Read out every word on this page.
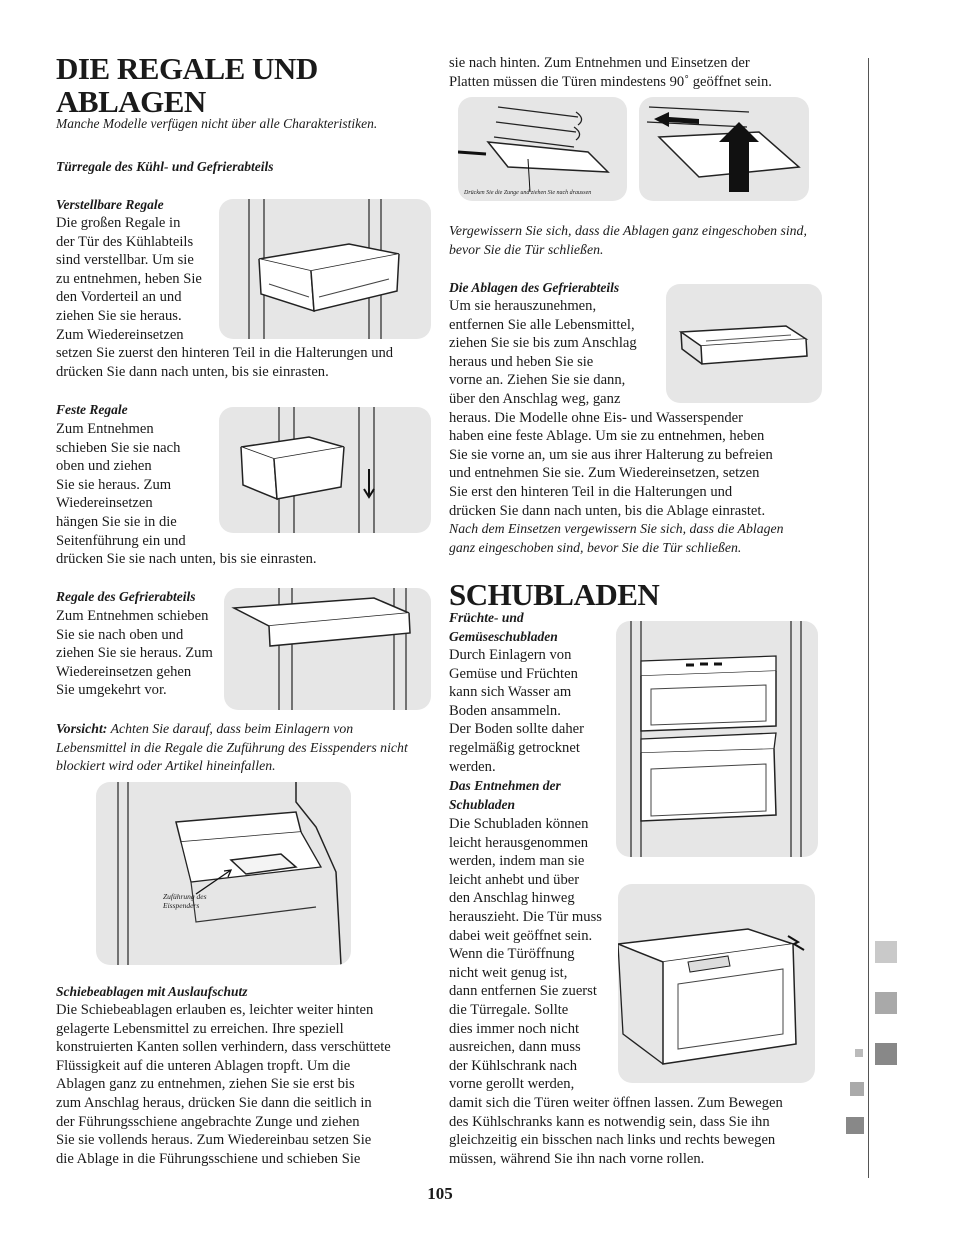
DIE REGALE UND
ABLAGEN
Manche Modelle verfügen nicht über alle Charakteristiken.
Türregale des Kühl- und Gefrierabteils
Verstellbare Regale
Die großen Regale in
der Tür des Kühlabteils
sind verstellbar. Um sie
zu entnehmen, heben Sie
den Vorderteil an und
ziehen Sie sie heraus.
Zum Wiedereinsetzen
setzen Sie zuerst den hinteren Teil in die Halterungen und
drücken Sie dann nach unten, bis sie einrasten.
Feste Regale
Zum Entnehmen
schieben Sie sie nach
oben und ziehen
Sie sie heraus. Zum
Wiedereinsetzen
hängen Sie sie in die
Seitenführung ein und
drücken Sie sie nach unten, bis sie einrasten.
Regale des Gefrierabteils
Zum Entnehmen schieben
Sie sie nach oben und
ziehen Sie sie heraus. Zum
Wiedereinsetzen gehen
Sie umgekehrt vor.
Vorsicht: Achten Sie darauf, dass beim Einlagern von
Lebensmittel in die Regale die Zuführung des Eisspenders nicht
blockiert wird oder Artikel hineinfallen.
Zuführung des
Eisspenders
Schiebeablagen mit Auslaufschutz
Die Schiebeablagen erlauben es, leichter weiter hinten
gelagerte Lebensmittel zu erreichen. Ihre speziell
konstruierten Kanten sollen verhindern, dass verschüttete
Flüssigkeit auf die unteren Ablagen tropft. Um die
Ablagen ganz zu entnehmen, ziehen Sie sie erst bis
zum Anschlag heraus, drücken Sie dann die seitlich in
der Führungsschiene angebrachte Zunge und ziehen
Sie sie vollends heraus. Zum Wiedereinbau setzen Sie
die Ablage in die Führungsschiene und schieben Sie
sie nach hinten. Zum Entnehmen und Einsetzen der
Platten müssen die Türen mindestens 90˚ geöffnet sein.
Drücken Sie die Zunge und ziehen Sie nach draussen
Vergewissern Sie sich, dass die Ablagen ganz eingeschoben sind,
bevor Sie die Tür schließen.
Die Ablagen des Gefrierabteils
Um sie herauszunehmen,
entfernen Sie alle Lebensmittel,
ziehen Sie sie bis zum Anschlag
heraus und heben Sie sie
vorne an. Ziehen Sie sie dann,
über den Anschlag weg, ganz
heraus. Die Modelle ohne Eis- und Wasserspender
haben eine feste Ablage. Um sie zu entnehmen, heben
Sie sie vorne an, um sie aus ihrer Halterung zu befreien
und entnehmen Sie sie. Zum Wiedereinsetzen, setzen
Sie erst den hinteren Teil in die Halterungen und
drücken Sie dann nach unten, bis die Ablage einrastet.
Nach dem Einsetzen vergewissern Sie sich, dass die Ablagen
ganz eingeschoben sind, bevor Sie die Tür schließen.
SCHUBLADEN
Früchte- und
Gemüseschubladen
Durch Einlagern von
Gemüse und Früchten
kann sich Wasser am
Boden ansammeln.
Der Boden sollte daher
regelmäßig getrocknet
werden.
Das Entnehmen der
Schubladen
Die Schubladen können
leicht herausgenommen
werden, indem man sie
leicht anhebt und über
den Anschlag hinweg
herauszieht. Die Tür muss
dabei weit geöffnet sein.
Wenn die Türöffnung
nicht weit genug ist,
dann entfernen Sie zuerst
die Türregale. Sollte
dies immer noch nicht
ausreichen, dann muss
der Kühlschrank nach
vorne gerollt werden,
damit sich die Türen weiter öffnen lassen. Zum Bewegen
des Kühlschranks kann es notwendig sein, dass Sie ihn
gleichzeitig ein bisschen nach links und rechts bewegen
müssen, während Sie ihn nach vorne rollen.
105
